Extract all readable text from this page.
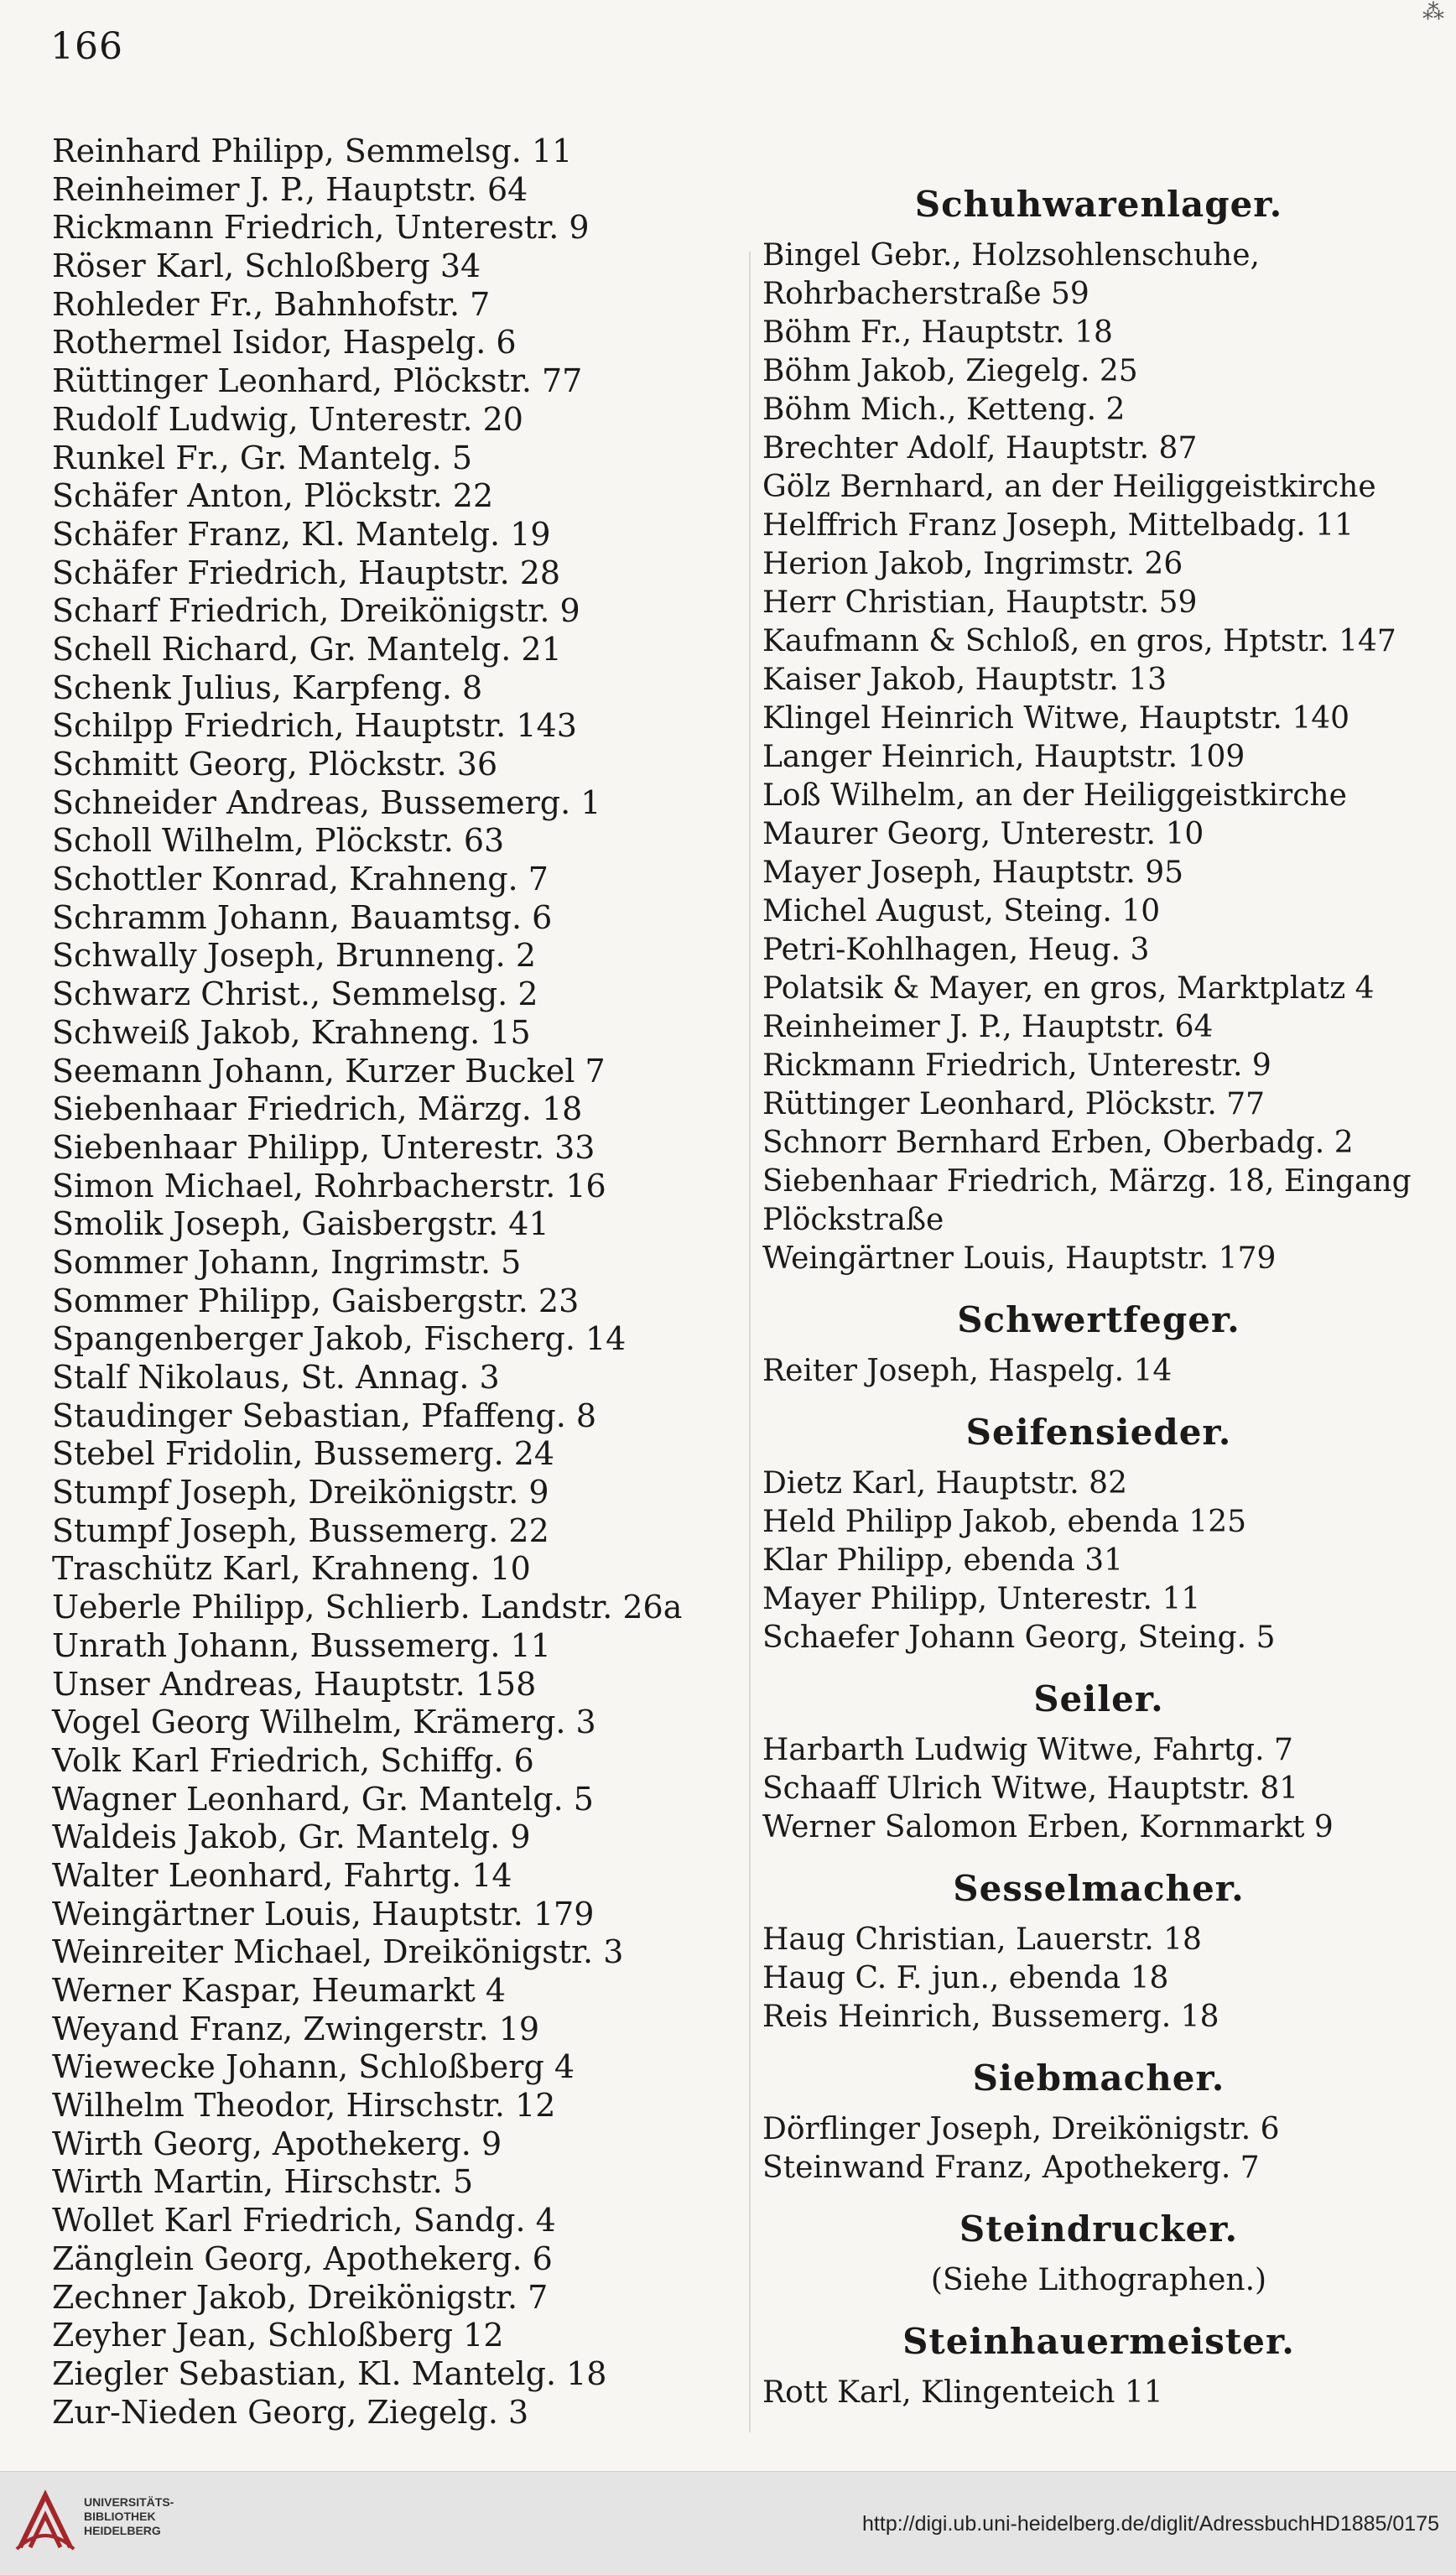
166
⁂
Reinhard Philipp, Semmelsg. 11
Reinheimer J. P., Hauptstr. 64
Rickmann Friedrich, Unterestr. 9
Röser Karl, Schloßberg 34
Rohleder Fr., Bahnhofstr. 7
Rothermel Isidor, Haspelg. 6
Rüttinger Leonhard, Plöckstr. 77
Rudolf Ludwig, Unterestr. 20
Runkel Fr., Gr. Mantelg. 5
Schäfer Anton, Plöckstr. 22
Schäfer Franz, Kl. Mantelg. 19
Schäfer Friedrich, Hauptstr. 28
Scharf Friedrich, Dreikönigstr. 9
Schell Richard, Gr. Mantelg. 21
Schenk Julius, Karpfeng. 8
Schilpp Friedrich, Hauptstr. 143
Schmitt Georg, Plöckstr. 36
Schneider Andreas, Bussemerg. 1
Scholl Wilhelm, Plöckstr. 63
Schottler Konrad, Krahneng. 7
Schramm Johann, Bauamtsg. 6
Schwally Joseph, Brunneng. 2
Schwarz Christ., Semmelsg. 2
Schweiß Jakob, Krahneng. 15
Seemann Johann, Kurzer Buckel 7
Siebenhaar Friedrich, Märzg. 18
Siebenhaar Philipp, Unterestr. 33
Simon Michael, Rohrbacherstr. 16
Smolik Joseph, Gaisbergstr. 41
Sommer Johann, Ingrimstr. 5
Sommer Philipp, Gaisbergstr. 23
Spangenberger Jakob, Fischerg. 14
Stalf Nikolaus, St. Annag. 3
Staudinger Sebastian, Pfaffeng. 8
Stebel Fridolin, Bussemerg. 24
Stumpf Joseph, Dreikönigstr. 9
Stumpf Joseph, Bussemerg. 22
Traschütz Karl, Krahneng. 10
Ueberle Philipp, Schlierb. Landstr. 26a
Unrath Johann, Bussemerg. 11
Unser Andreas, Hauptstr. 158
Vogel Georg Wilhelm, Krämerg. 3
Volk Karl Friedrich, Schiffg. 6
Wagner Leonhard, Gr. Mantelg. 5
Waldeis Jakob, Gr. Mantelg. 9
Walter Leonhard, Fahrtg. 14
Weingärtner Louis, Hauptstr. 179
Weinreiter Michael, Dreikönigstr. 3
Werner Kaspar, Heumarkt 4
Weyand Franz, Zwingerstr. 19
Wiewecke Johann, Schloßberg 4
Wilhelm Theodor, Hirschstr. 12
Wirth Georg, Apothekerg. 9
Wirth Martin, Hirschstr. 5
Wollet Karl Friedrich, Sandg. 4
Zänglein Georg, Apothekerg. 6
Zechner Jakob, Dreikönigstr. 7
Zeyher Jean, Schloßberg 12
Ziegler Sebastian, Kl. Mantelg. 18
Zur-Nieden Georg, Ziegelg. 3
Schuhwarenlager.
Bingel Gebr., Holzsohlenschuhe, Rohrbacherstraße 59
Böhm Fr., Hauptstr. 18
Böhm Jakob, Ziegelg. 25
Böhm Mich., Ketteng. 2
Brechter Adolf, Hauptstr. 87
Gölz Bernhard, an der Heiliggeistkirche
Helffrich Franz Joseph, Mittelbadg. 11
Herion Jakob, Ingrimstr. 26
Herr Christian, Hauptstr. 59
Kaufmann & Schloß, en gros, Hptstr. 147
Kaiser Jakob, Hauptstr. 13
Klingel Heinrich Witwe, Hauptstr. 140
Langer Heinrich, Hauptstr. 109
Loß Wilhelm, an der Heiliggeistkirche
Maurer Georg, Unterestr. 10
Mayer Joseph, Hauptstr. 95
Michel August, Steing. 10
Petri-Kohlhagen, Heug. 3
Polatsik & Mayer, en gros, Marktplatz 4
Reinheimer J. P., Hauptstr. 64
Rickmann Friedrich, Unterestr. 9
Rüttinger Leonhard, Plöckstr. 77
Schnorr Bernhard Erben, Oberbadg. 2
Siebenhaar Friedrich, Märzg. 18, Eingang Plöckstraße
Weingärtner Louis, Hauptstr. 179
Schwertfeger.
Reiter Joseph, Haspelg. 14
Seifensieder.
Dietz Karl, Hauptstr. 82
Held Philipp Jakob, ebenda 125
Klar Philipp, ebenda 31
Mayer Philipp, Unterestr. 11
Schaefer Johann Georg, Steing. 5
Seiler.
Harbarth Ludwig Witwe, Fahrtg. 7
Schaaff Ulrich Witwe, Hauptstr. 81
Werner Salomon Erben, Kornmarkt 9
Sesselmacher.
Haug Christian, Lauerstr. 18
Haug C. F. jun., ebenda 18
Reis Heinrich, Bussemerg. 18
Siebmacher.
Dörflinger Joseph, Dreikönigstr. 6
Steinwand Franz, Apothekerg. 7
Steindrucker.
(Siehe Lithographen.)
Steinhauermeister.
Rott Karl, Klingenteich 11
UNIVERSITÄTS-
BIBLIOTHEK
HEIDELBERG	http://digi.ub.uni-heidelberg.de/diglit/AdressbuchHD1885/0175
